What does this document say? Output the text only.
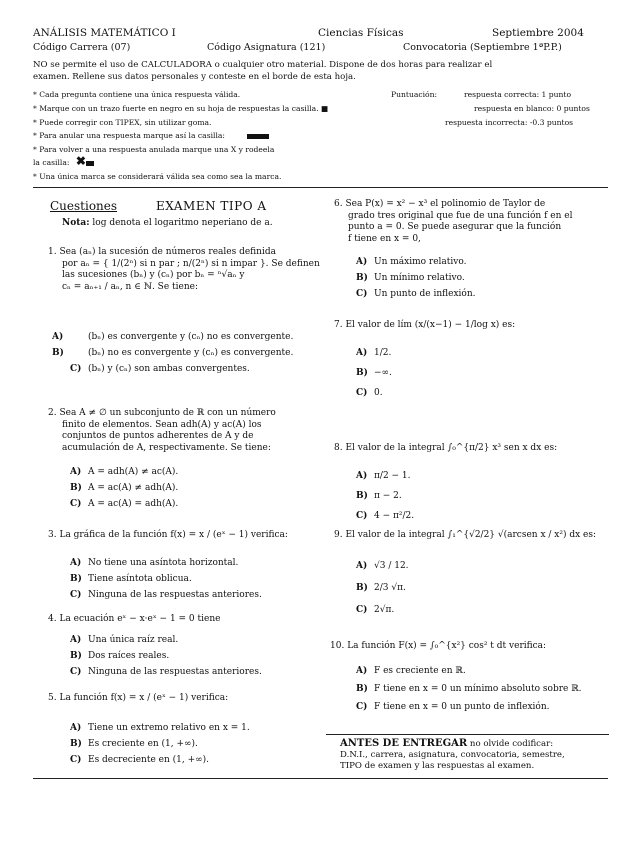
ANÁLISIS MATEMÁTICO I	Ciencias Físicas	Septiembre 2004
Código Carrera (07)	Código Asignatura (121)	Convocatoria (Septiembre 1ªP.P.)
NO se permite el uso de CALCULADORA o cualquier otro material. Dispone de dos horas para realizar el
examen. Rellene sus datos personales y conteste en el borde de esta hoja.
* Cada pregunta contiene una única respuesta válida.
* Marque con un trazo fuerte en negro en su hoja de respuestas la casilla. ■
* Puede corregir con TIPEX, sin utilizar goma.
* Para anular una respuesta marque así la casilla:
* Para volver a una respuesta anulada marque una X y rodeela
la casilla: ✖
* Una única marca se considerará válida sea como sea la marca.
Puntuación:	respuesta correcta: 1 punto
respuesta en blanco: 0 puntos
respuesta incorrecta: -0.3 puntos
Cuestiones	EXAMEN TIPO A
Nota: log denota el logaritmo neperiano de a.
1. Sea (aₙ) la sucesión de números reales definida
por aₙ = { 1/(2ⁿ) si n par ; n/(2ⁿ) si n impar }. Se definen
las sucesiones (bₙ) y (cₙ) por bₙ = ⁿ√aₙ y
cₙ = aₙ₊₁ / aₙ, n ∈ ℕ. Se tiene:
A)	(bₙ) es convergente y (cₙ) no es convergente.
B)	(bₙ) no es convergente y (cₙ) es convergente.
C) (bₙ) y (cₙ) son ambas convergentes.
2. Sea A ≠ ∅ un subconjunto de ℝ con un número
finito de elementos. Sean adh(A) y ac(A) los
conjuntos de puntos adherentes de A y de
acumulación de A, respectivamente. Se tiene:
A) A = adh(A) ≠ ac(A).
B) A = ac(A) ≠ adh(A).
C) A = ac(A) = adh(A).
3. La gráfica de la función f(x) = x / (eˣ − 1) verifica:
A) No tiene una asíntota horizontal.
B) Tiene asíntota oblicua.
C) Ninguna de las respuestas anteriores.
4. La ecuación eˣ − x·eˣ − 1 = 0 tiene
A) Una única raíz real.
B) Dos raíces reales.
C) Ninguna de las respuestas anteriores.
5. La función f(x) = x / (eˣ − 1) verifica:
A) Tiene un extremo relativo en x = 1.
B) Es creciente en (1, +∞).
C) Es decreciente en (1, +∞).
6. Sea P(x) = x² − x³ el polinomio de Taylor de
grado tres original que fue de una función f en el
punto a = 0. Se puede asegurar que la función
f tiene en x = 0,
A) Un máximo relativo.
B) Un mínimo relativo.
C) Un punto de inflexión.
7. El valor de lím (x/(x−1) − 1/log x) es:
A) 1/2.
B) −∞.
C) 0.
8. El valor de la integral ∫₀^{π/2} x³ sen x dx es:
A) π/2 − 1.
B) π − 2.
C) 4 − π²/2.
9. El valor de la integral ∫₁^{√2/2} √(arcsen x / x²) dx es:
A) √3 / 12.
B) 2/3 √π.
C) 2√π.
10. La función F(x) = ∫₀^{x²} cos² t dt verifica:
A) F es creciente en ℝ.
B) F tiene en x = 0 un mínimo absoluto sobre ℝ.
C) F tiene en x = 0 un punto de inflexión.
ANTES DE ENTREGAR no olvide codificar:
D.N.I., carrera, asignatura, convocatoria, semestre,
TIPO de examen y las respuestas al examen.
